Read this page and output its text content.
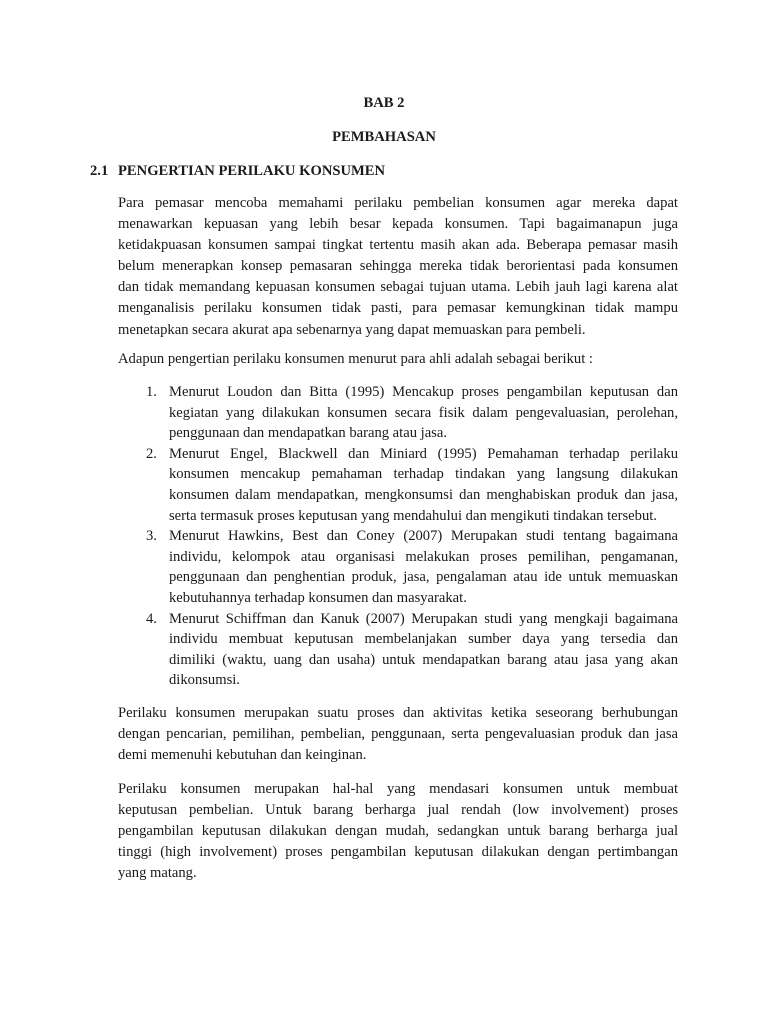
BAB 2
PEMBAHASAN
2.1 PENGERTIAN PERILAKU KONSUMEN
Para pemasar mencoba memahami perilaku pembelian konsumen agar mereka dapat
menawarkan kepuasan yang lebih besar kepada konsumen. Tapi bagaimanapun juga
ketidakpuasan konsumen sampai tingkat tertentu masih akan ada. Beberapa pemasar masih
belum menerapkan konsep pemasaran sehingga mereka tidak berorientasi pada konsumen
dan tidak memandang kepuasan konsumen sebagai tujuan utama. Lebih jauh lagi karena alat
menganalisis perilaku konsumen tidak pasti, para pemasar kemungkinan tidak mampu
menetapkan secara akurat apa sebenarnya yang dapat memuaskan para pembeli.
Adapun pengertian perilaku konsumen menurut para ahli adalah sebagai berikut :
1. Menurut Loudon dan Bitta (1995) Mencakup proses pengambilan keputusan dan
kegiatan yang dilakukan konsumen secara fisik dalam pengevaluasian, perolehan,
penggunaan dan mendapatkan barang atau jasa.
2. Menurut Engel, Blackwell dan Miniard (1995) Pemahaman terhadap perilaku
konsumen mencakup pemahaman terhadap tindakan yang langsung dilakukan
konsumen dalam mendapatkan, mengkonsumsi dan menghabiskan produk dan jasa,
serta termasuk proses keputusan yang mendahului dan mengikuti tindakan tersebut.
3. Menurut Hawkins, Best dan Coney (2007) Merupakan studi tentang bagaimana
individu, kelompok atau organisasi melakukan proses pemilihan, pengamanan,
penggunaan dan penghentian produk, jasa, pengalaman atau ide untuk memuaskan
kebutuhannya terhadap konsumen dan masyarakat.
4. Menurut Schiffman dan Kanuk (2007) Merupakan studi yang mengkaji bagaimana
individu membuat keputusan membelanjakan sumber daya yang tersedia dan
dimiliki (waktu, uang dan usaha) untuk mendapatkan barang atau jasa yang akan
dikonsumsi.
Perilaku konsumen merupakan suatu proses dan aktivitas ketika seseorang berhubungan
dengan pencarian, pemilihan, pembelian, penggunaan, serta pengevaluasian produk dan jasa
demi memenuhi kebutuhan dan keinginan.
Perilaku konsumen merupakan hal-hal yang mendasari konsumen untuk membuat
keputusan pembelian. Untuk barang berharga jual rendah (low involvement) proses
pengambilan keputusan dilakukan dengan mudah, sedangkan untuk barang berharga jual
tinggi (high involvement) proses pengambilan keputusan dilakukan dengan pertimbangan
yang matang.
